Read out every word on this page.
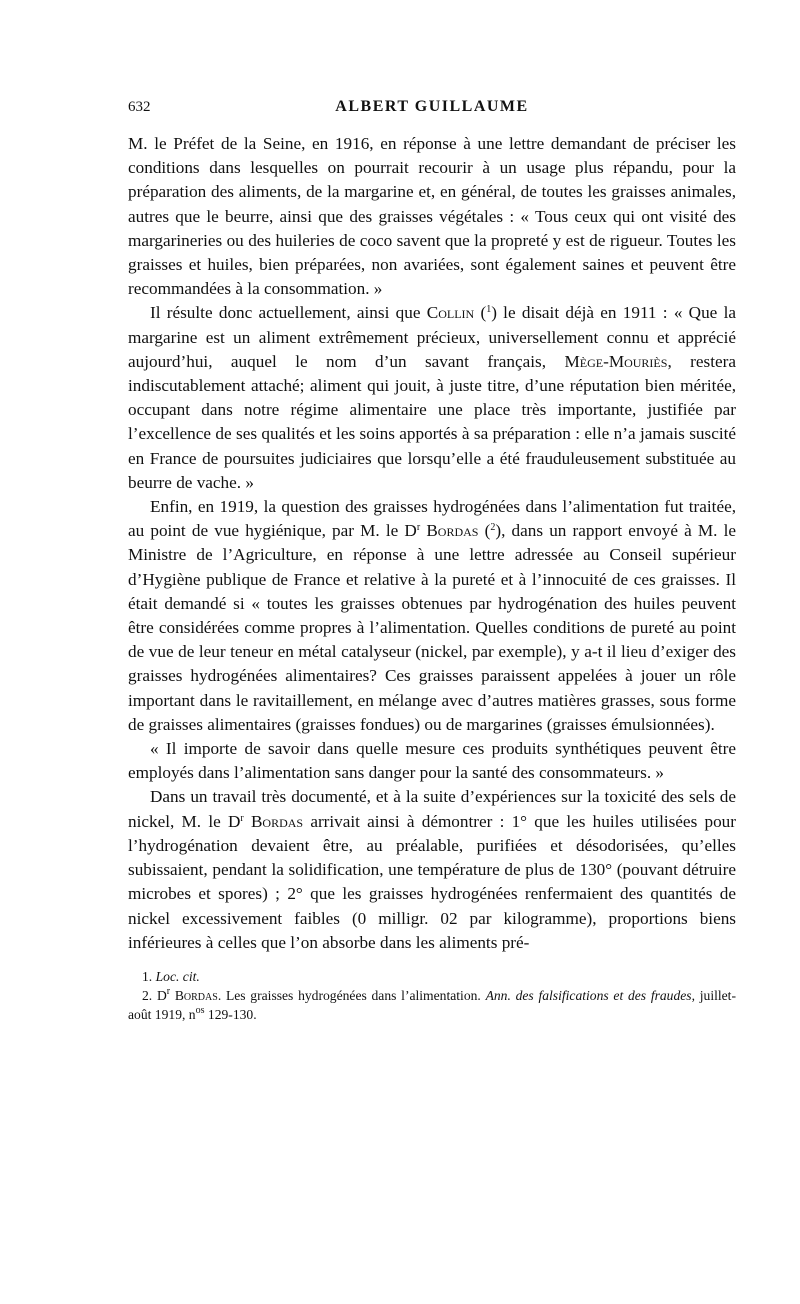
632	ALBERT GUILLAUME

M. le Préfet de la Seine, en 1916, en réponse à une lettre demandant de préciser les conditions dans lesquelles on pourrait recourir à un usage plus répandu, pour la préparation des aliments, de la margarine et, en général, de toutes les graisses animales, autres que le beurre, ainsi que des graisses végétales : « Tous ceux qui ont visité des margarineries ou des huileries de coco savent que la propreté y est de rigueur. Toutes les graisses et huiles, bien préparées, non avariées, sont également saines et peuvent être recommandées à la consommation. »

Il résulte donc actuellement, ainsi que Collin ($^1$) le disait déjà en 1911 : « Que la margarine est un aliment extrêmement précieux, universellement connu et apprécié aujourd’hui, auquel le nom d’un savant français, Mège-Mouriès, restera indiscutablement attaché; aliment qui jouit, à juste titre, d’une réputation bien méritée, occupant dans notre régime alimentaire une place très importante, justifiée par l’excellence de ses qualités et les soins apportés à sa préparation : elle n’a jamais suscité en France de poursuites judiciaires que lorsqu’elle a été frauduleusement substituée au beurre de vache. »

Enfin, en 1919, la question des graisses hydrogénées dans l’alimentation fut traitée, au point de vue hygiénique, par M. le $D^r$ Bordas ($^2$), dans un rapport envoyé à M. le Ministre de l’Agriculture, en réponse à une lettre adressée au Conseil supérieur d’Hygiène publique de France et relative à la pureté et à l’innocuité de ces graisses. Il était demandé si « toutes les graisses obtenues par hydrogénation des huiles peuvent être considérées comme propres à l’alimentation. Quelles conditions de pureté au point de vue de leur teneur en métal catalyseur (nickel, par exemple), y a-t il lieu d’exiger des graisses hydrogénées alimentaires? Ces graisses paraissent appelées à jouer un rôle important dans le ravitaillement, en mélange avec d’autres matières grasses, sous forme de graisses alimentaires (graisses fondues) ou de margarines (graisses émulsionnées).

« Il importe de savoir dans quelle mesure ces produits synthétiques peuvent être employés dans l’alimentation sans danger pour la santé des consommateurs. »

Dans un travail très documenté, et à la suite d’expériences sur la toxicité des sels de nickel, M. le $D^r$ Bordas arrivait ainsi à démontrer : 1° que les huiles utilisées pour l’hydrogénation devaient être, au préalable, purifiées et désodorisées, qu’elles subissaient, pendant la solidification, une température de plus de 130° (pouvant détruire microbes et spores) ; 2° que les graisses hydrogénées renfermaient des quantités de nickel excessivement faibles (0 milligr. 02 par kilogramme), proportions biens inférieures à celles que l’on absorbe dans les aliments pré-

1. Loc. cit.

2. $D^r$ Bordas. Les graisses hydrogénées dans l’alimentation. Ann. des falsifications et des fraudes, juillet-août 1919, $n^{os}$ 129-130.
